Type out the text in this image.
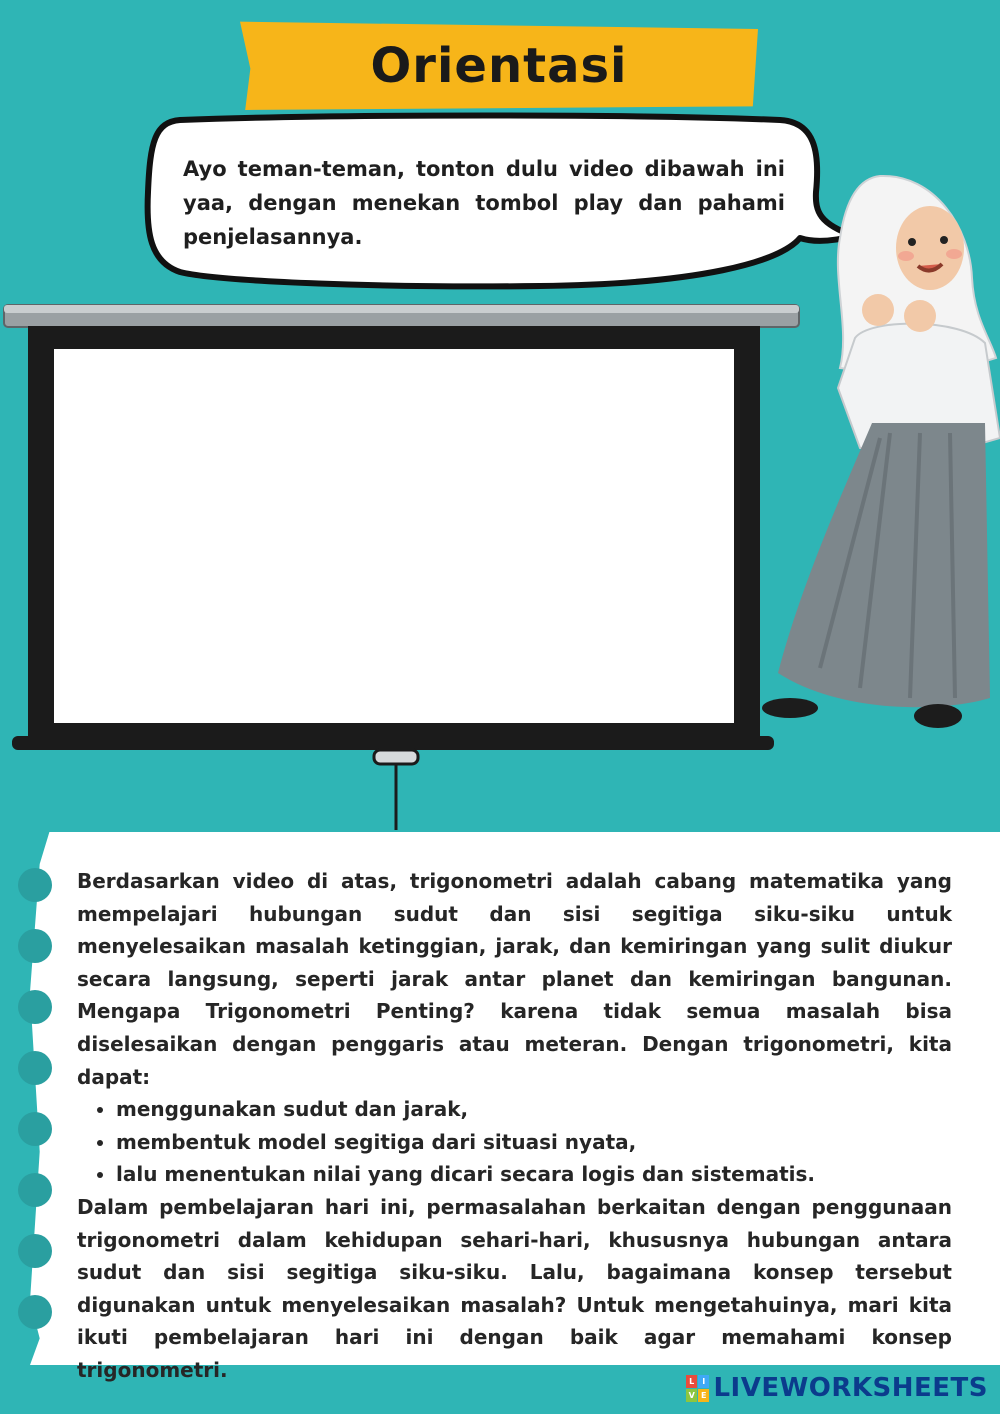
Orientasi
Ayo teman-teman, tonton dulu video dibawah ini yaa, dengan menekan tombol play dan pahami penjelasannya.

Berdasarkan video di atas, trigonometri adalah cabang matematika yang mempelajari hubungan sudut dan sisi segitiga siku-siku untuk menyelesaikan masalah ketinggian, jarak, dan kemiringan yang sulit diukur secara langsung, seperti jarak antar planet dan kemiringan bangunan. Mengapa Trigonometri Penting? karena tidak semua masalah bisa diselesaikan dengan penggaris atau meteran. Dengan trigonometri, kita dapat:

• menggunakan sudut dan jarak,
• membentuk model segitiga dari situasi nyata,
• lalu menentukan nilai yang dicari secara logis dan sistematis.

Dalam pembelajaran hari ini, permasalahan berkaitan dengan penggunaan trigonometri dalam kehidupan sehari-hari, khususnya hubungan antara sudut dan sisi segitiga siku-siku. Lalu, bagaimana konsep tersebut digunakan untuk menyelesaikan masalah? Untuk mengetahuinya, mari kita ikuti pembelajaran hari ini dengan baik agar memahami konsep trigonometri.	L I
V E LIVEWORKSHEETS
